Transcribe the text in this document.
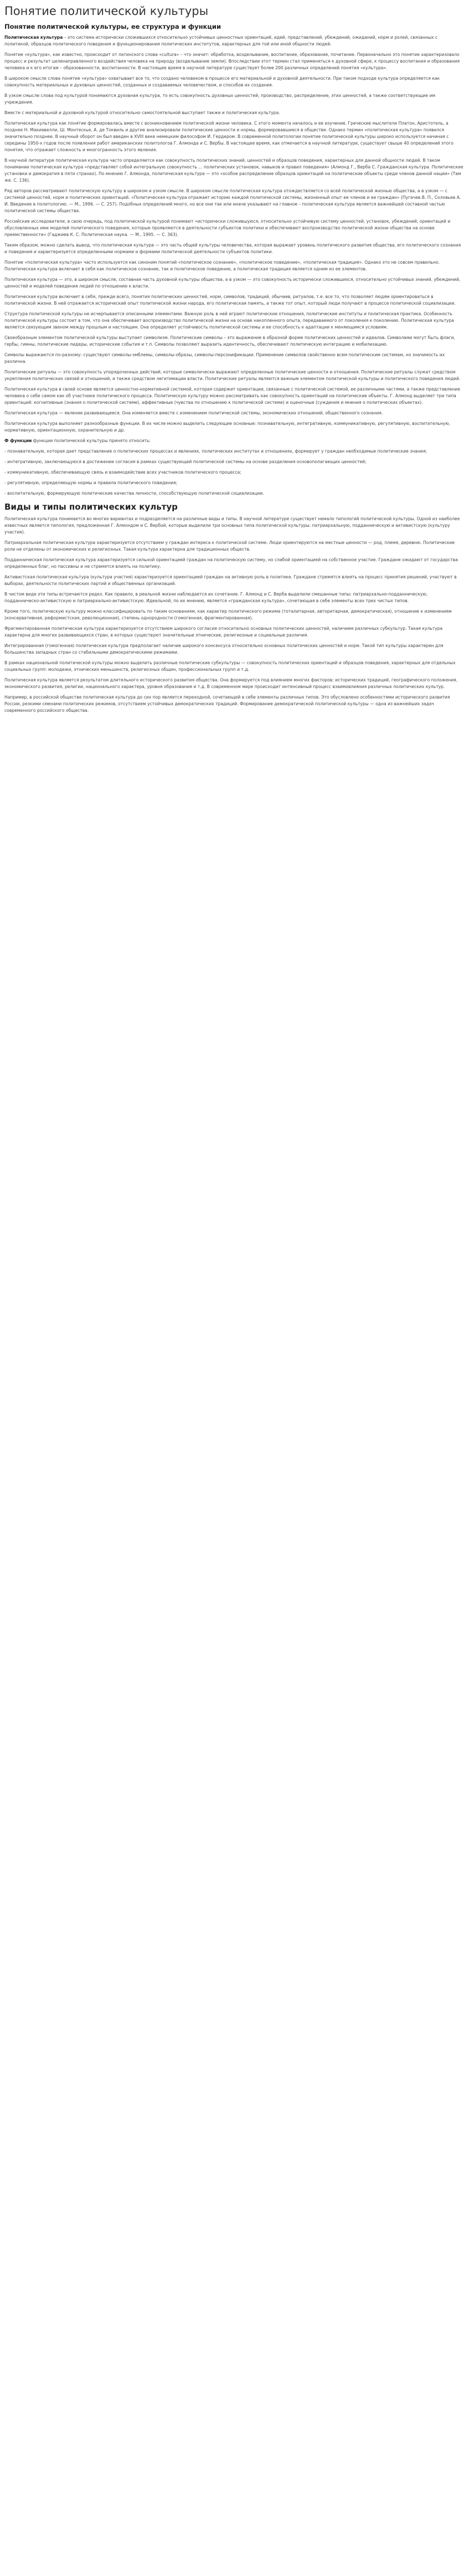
Понятие политической культуры
Понятие политической культуры, ее структура и функции

Политическая культура – это система исторически сложившихся относительно устойчивых ценностных ориентаций, идей, представлений, убеждений, ожиданий, норм и ролей, связанных с политикой, образцов политического поведения и функционирования политических институтов, характерных для той или иной общности людей.

Понятие «культура», как известно, происходит от латинского слова «cultura» – что значит: обработка, возделывание, воспитание, образование, почитание. Первоначально это понятие характеризовало процесс и результат целенаправленного воздействия человека на природу (возделывание земли). Впоследствии этот термин стал применяться к духовной сфере, к процессу воспитания и образования человека и к его итогам – образованности, воспитанности. В настоящее время в научной литературе существует более 200 различных определений понятия «культура».

В широком смысле слова понятие «культура» охватывает все то, что создано человеком в процессе его материальной и духовной деятельности. При таком подходе культура определяется как совокупность материальных и духовных ценностей, созданных и создаваемых человечеством, и способов их создания.

В узком смысле слова под культурой понимаются духовная культура, то есть совокупность духовных ценностей, производство, распределение, этих ценностей, а также соответствующие им учреждения.

Вместе с материальной и духовной культурой относительно самостоятельной выступает также и политическая культура.

Политическая культура как понятие формировалась вместе с возникновением политической жизни человека. С этого момента началось и ее изучение. Греческие мыслители Платон, Аристотель, а позднее Н. Макиавелли, Ш. Монтескье, А. де Токвиль и другие анализировали политические ценности и нормы, формировавшиеся в обществе. Однако термин «политическая культура» появился значительно позднее. В научный оборот он был введен в XVIII веке немецким философом И. Гердером. В современной политологии понятие политической культуры широко используется начиная с середины 1950-х годов после появления работ американских политологов Г. Алмонда и С. Вербы. В настоящее время, как отмечается в научной литературе, существует свыше 40 определений этого понятия, что отражает сложность и многогранность этого явления.

В научной литературе политическая культура часто определяется как совокупность политических знаний, ценностей и образцов поведения, характерных для данной общности людей. В таком понимании политическая культура «представляет собой интегральную совокупность ... политических установок, навыков и правил поведения» (Алмонд Г., Верба С. Гражданская культура. Политические установки и демократия в пяти странах). По мнению Г. Алмонда, политическая культура — это «особое распределение образцов ориентаций на политические объекты среди членов данной нации» (Там же. С. 136).

Ряд авторов рассматривают политическую культуру в широком и узком смысле. В широком смысле политическая культура отождествляется со всей политической жизнью общества, а в узком — с системой ценностей, норм и политических ориентаций. «Политическая культура отражает историю каждой политической системы, жизненный опыт ее членов и ее граждан» (Пугачев В. П., Соловьев А. И. Введение в политологию. — М., 1996. — С. 257). Подобных определений много, но все они так или иначе указывают на главное – политическая культура является важнейшей составной частью политической системы общества.

Российские исследователи, в свою очередь, под политической культурой понимают «исторически сложившуюся, относительно устойчивую систему ценностей, установок, убеждений, ориентаций и обусловленных ими моделей политического поведения, которые проявляются в деятельности субъектов политики и обеспечивают воспроизводство политической жизни общества на основе преемственности» (Гаджиев К. С. Политическая наука. — М., 1995. — С. 363).

Таким образом, можно сделать вывод, что политическая культура — это часть общей культуры человечества, которая выражает уровень политического развития общества, его политического сознания и поведения и характеризуется определенными нормами и формами политической деятельности субъектов политики.

Понятие «политическая культура» часто используется как синоним понятий «политическое сознание», «политическое поведение», «политическая традиция». Однако это не совсем правильно. Политическая культура включает в себя как политическое сознание, так и политическое поведение, а политическая традиция является одним из ее элементов.

Политическая культура — это, в широком смысле, составная часть духовной культуры общества, а в узком — это совокупность исторически сложившихся, относительно устойчивых знаний, убеждений, ценностей и моделей поведения людей по отношению к власти.

Политическая культура включает в себя, прежде всего, понятия политических ценностей, норм, символов, традиций, обычаев, ритуалов, т.е. все то, что позволяет людям ориентироваться в политической жизни. В ней отражается исторический опыт политической жизни народа, его политическая память, а также тот опыт, который люди получают в процессе политической социализации.

Структура политической культуры не исчерпывается описанными элементами. Важную роль в ней играют политические отношения, политические институты и политическая практика. Особенность политической культуры состоит в том, что она обеспечивает воспроизводство политической жизни на основе накопленного опыта, передаваемого от поколения к поколению. Политическая культура является связующим звеном между прошлым и настоящим. Она определяет устойчивость политической системы и ее способность к адаптации к меняющимся условиям.

Своеобразным элементом политической культуры выступает символизм. Политические символы – это выражение в образной форме политических ценностей и идеалов. Символами могут быть флаги, гербы, гимны, политические лидеры, исторические события и т.п. Символы позволяют выразить идентичность, обеспечивают политическую интеграцию и мобилизацию.

Символы выражаются по-разному: существуют символы-эмблемы, символы-образы, символы-персонификации. Применение символов свойственно всем политическим системам, но значимость их различна.

Политические ритуалы — это совокупность упорядоченных действий, которые символически выражают определенные политические ценности и отношения. Политические ритуалы служат средством укрепления политических связей и отношений, а также средством легитимации власти. Политические ритуалы являются важным элементом политической культуры и политического поведения людей.

Политическая культура в своей основе является ценностно-нормативной системой, которая содержит ориентации, связанные с политической системой, ее различными частями, а также представление человека о себе самом как об участнике политического процесса. Политическую культуру можно рассматривать как совокупность ориентаций на политические объекты. Г. Алмонд выделяет три типа ориентаций: когнитивные (знания о политической системе), аффективные (чувства по отношению к политической системе) и оценочные (суждения и мнения о политических объектах).

Политическая культура — явление развивающееся. Она изменяется вместе с изменением политической системы, экономических отношений, общественного сознания.

Политическая культура выполняет разнообразные функции. В их числе можно выделить следующие основные: познавательную, интегративную, коммуникативную, регулятивную, воспитательную, нормативную, ориентационную, охранительную и др.

Ф функции функции политической культуры принято относить:

- познавательную, которая дает представление о политических процессах и явлениях, политических институтах и отношениях, формирует у граждан необходимые политические знания;

- интегративную, заключающуюся в достижении согласия в рамках существующей политической системы на основе разделения основополагающих ценностей;

- коммуникативную, обеспечивающую связь и взаимодействие всех участников политического процесса;

- регулятивную, определяющую нормы и правила политического поведения;

- воспитательную, формирующую политические качества личности, способствующую политической социализации.

Виды и типы политических культур

Политическая культура понимается во многих вариантах и подразделяется на различные виды и типы. В научной литературе существует немало типологий политической культуры. Одной из наиболее известных является типология, предложенная Г. Алмондом и С. Вербой, которые выделили три основных типа политической культуры: патриархальную, подданническую и активистскую (культуру участия).

Патриархальная политическая культура характеризуется отсутствием у граждан интереса к политической системе. Люди ориентируются на местные ценности — род, племя, деревню. Политические роли не отделены от экономических и религиозных. Такая культура характерна для традиционных обществ.

Подданническая политическая культура характеризуется сильной ориентацией граждан на политическую систему, но слабой ориентацией на собственное участие. Граждане ожидают от государства определенных благ, но пассивны и не стремятся влиять на политику.

Активистская политическая культура (культура участия) характеризуется ориентацией граждан на активную роль в политике. Граждане стремятся влиять на процесс принятия решений, участвуют в выборах, деятельности политических партий и общественных организаций.

В чистом виде эти типы встречаются редко. Как правило, в реальной жизни наблюдается их сочетание. Г. Алмонд и С. Верба выделили смешанные типы: патриархально-подданническую, подданническо-активистскую и патриархально-активистскую. Идеальной, по их мнению, является «гражданская культура», сочетающая в себе элементы всех трех чистых типов.

Кроме того, политическую культуру можно классифицировать по таким основаниям, как характер политического режима (тоталитарная, авторитарная, демократическая), отношение к изменениям (консервативная, реформистская, революционная), степень однородности (гомогенная, фрагментированная).

Фрагментированная политическая культура характеризуется отсутствием широкого согласия относительно основных политических ценностей, наличием различных субкультур. Такая культура характерна для многих развивающихся стран, в которых существуют значительные этнические, религиозные и социальные различия.

Интегрированная (гомогенная) политическая культура предполагает наличие широкого консенсуса относительно основных политических ценностей и норм. Такой тип культуры характерен для большинства западных стран со стабильными демократическими режимами.

В рамках национальной политической культуры можно выделить различные политические субкультуры — совокупность политических ориентаций и образцов поведения, характерных для отдельных социальных групп: молодежи, этнических меньшинств, религиозных общин, профессиональных групп и т.д.

Политическая культура является результатом длительного исторического развития общества. Она формируется под влиянием многих факторов: исторических традиций, географического положения, экономического развития, религии, национального характера, уровня образования и т.д. В современном мире происходит интенсивный процесс взаимовлияния различных политических культур.

Например, в российской обществе политическая культура до сих пор является переходной, сочетающей в себе элементы различных типов. Это обусловлено особенностями исторического развития России, резкими сменами политических режимов, отсутствием устойчивых демократических традиций. Формирование демократической политической культуры — одна из важнейших задач современного российского общества.
